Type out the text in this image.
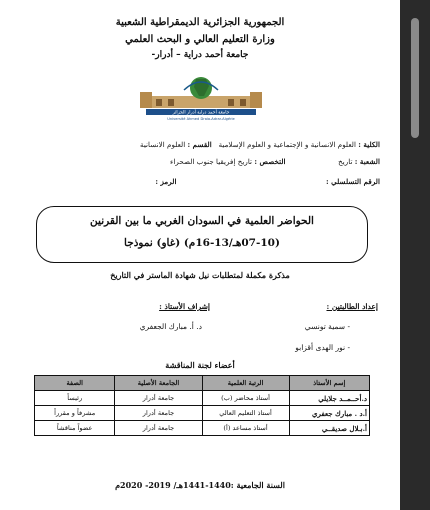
الجمهورية الجزائرية الديمقراطية الشعبية
وزارة التعليم العالي و البحث العلمي
جامعة أحمد دراية – أدرار-
جامعة أحمد دراية أدرار الجزائر
Université Ahmed Draia-Adrar-Algérie
الكلية : العلوم الانسانية و الإجتماعية و العلوم الإسلامية   القسم : العلوم الانسانية
الشعبة : تاريخ  التخصص : تاريخ إفريقيا جنوب الصحراء
الرقم التسلسلي :  الرمز :
الحواضر العلمية في السودان الغربي ما بين القرنين
(07-10هـ/13-16م) (غاو) نموذجا
مذكرة مكملة لمتطلبات نيل شهادة الماستر في التاريخ
إعداد الطالبتين :
- سمية تونسي
- نور الهدى أقزابو
إشراف الأستاذ :
د. أ. مبارك الجعفري
أعضاء لجنة المناقشة
إسم الأستاذ	الرتبة العلمية	الجامعة الأصلية	الصفة
د.أحــمــد جلايلي	أستاذ محاضر (ب)	جامعة أدرار	رئيساً
أ.د . مبارك جعفري	أستاذ التعليم العالي	جامعة أدرار	مشرفاً و مقرراً
أ.بـلال صديقــي	أستاذ مساعد (أ)	جامعة أدرار	عضواً مناقشاً
السنة الجامعية :1440-1441هـ/ 2019- 2020م
